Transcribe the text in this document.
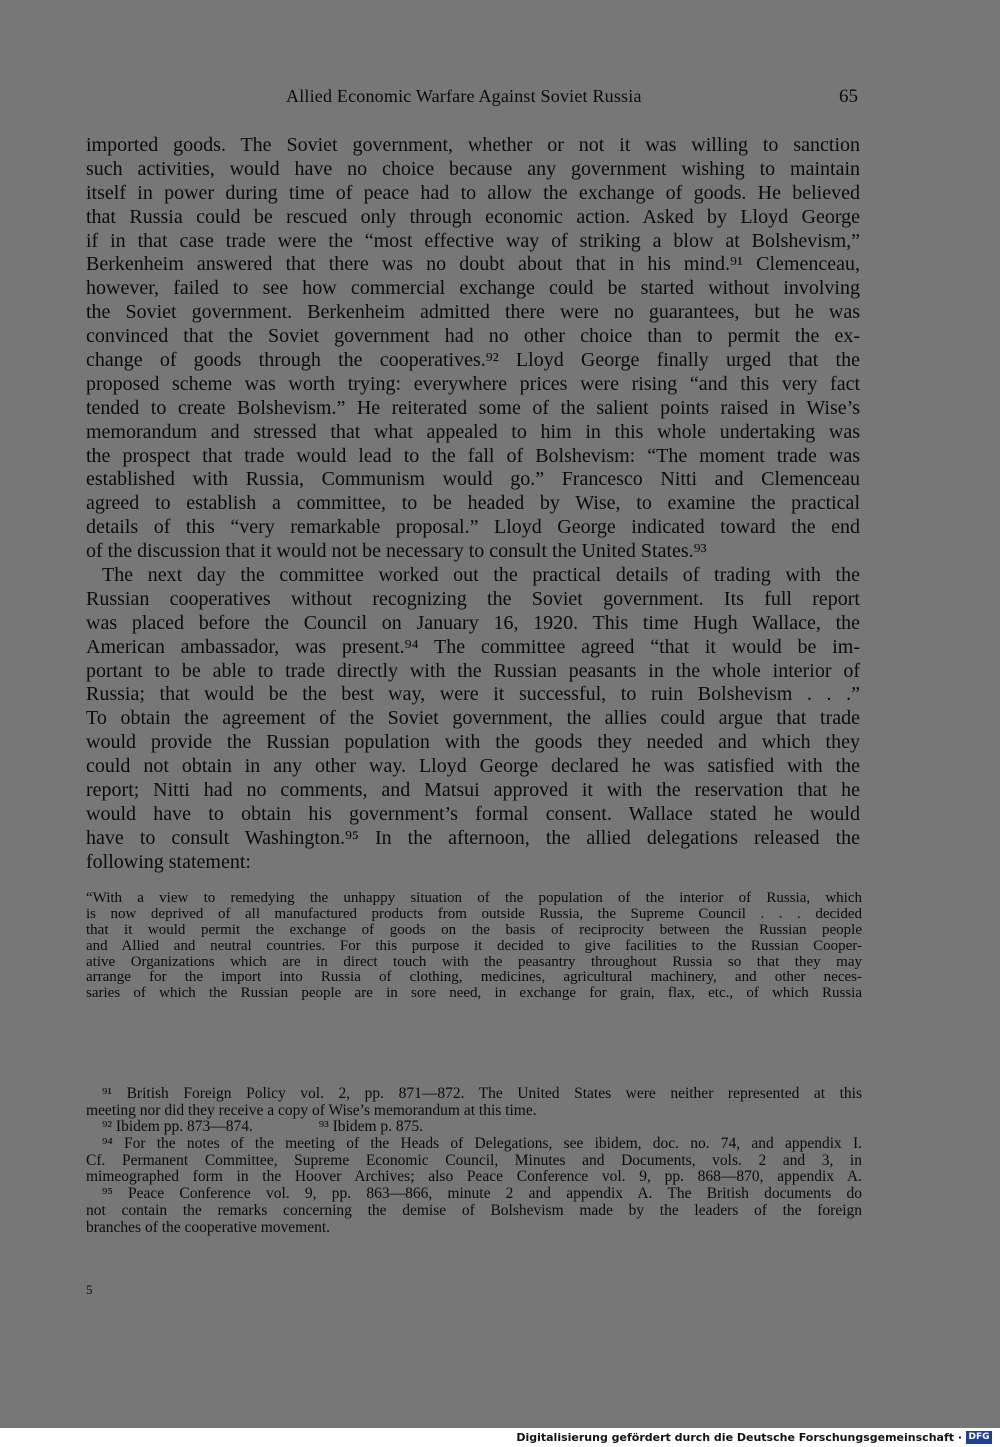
Allied Economic Warfare Against Soviet Russia	65
imported goods. The Soviet government, whether or not it was willing to sanction
such activities, would have no choice because any government wishing to maintain
itself in power during time of peace had to allow the exchange of goods. He believed
that Russia could be rescued only through economic action. Asked by Lloyd George
if in that case trade were the “most effective way of striking a blow at Bolshevism,”
Berkenheim answered that there was no doubt about that in his mind.⁹¹ Clemenceau,
however, failed to see how commercial exchange could be started without involving
the Soviet government. Berkenheim admitted there were no guarantees, but he was
convinced that the Soviet government had no other choice than to permit the ex-
change of goods through the cooperatives.⁹² Lloyd George finally urged that the
proposed scheme was worth trying: everywhere prices were rising “and this very fact
tended to create Bolshevism.” He reiterated some of the salient points raised in Wise’s
memorandum and stressed that what appealed to him in this whole undertaking was
the prospect that trade would lead to the fall of Bolshevism: “The moment trade was
established with Russia, Communism would go.” Francesco Nitti and Clemenceau
agreed to establish a committee, to be headed by Wise, to examine the practical
details of this “very remarkable proposal.” Lloyd George indicated toward the end
of the discussion that it would not be necessary to consult the United States.⁹³
The next day the committee worked out the practical details of trading with the
Russian cooperatives without recognizing the Soviet government. Its full report
was placed before the Council on January 16, 1920. This time Hugh Wallace, the
American ambassador, was present.⁹⁴ The committee agreed “that it would be im-
portant to be able to trade directly with the Russian peasants in the whole interior of
Russia; that would be the best way, were it successful, to ruin Bolshevism . . .”
To obtain the agreement of the Soviet government, the allies could argue that trade
would provide the Russian population with the goods they needed and which they
could not obtain in any other way. Lloyd George declared he was satisfied with the
report; Nitti had no comments, and Matsui approved it with the reservation that he
would have to obtain his government’s formal consent. Wallace stated he would
have to consult Washington.⁹⁵ In the afternoon, the allied delegations released the
following statement:
“With a view to remedying the unhappy situation of the population of the interior of Russia, which
is now deprived of all manufactured products from outside Russia, the Supreme Council . . . decided
that it would permit the exchange of goods on the basis of reciprocity between the Russian people
and Allied and neutral countries. For this purpose it decided to give facilities to the Russian Cooper-
ative Organizations which are in direct touch with the peasantry throughout Russia so that they may
arrange for the import into Russia of clothing, medicines, agricultural machinery, and other neces-
saries of which the Russian people are in sore need, in exchange for grain, flax, etc., of which Russia
⁹¹ British Foreign Policy vol. 2, pp. 871—872. The United States were neither represented at this
meeting nor did they receive a copy of Wise’s memorandum at this time.
⁹² Ibidem pp. 873—874.                 ⁹³ Ibidem p. 875.
⁹⁴ For the notes of the meeting of the Heads of Delegations, see ibidem, doc. no. 74, and appendix I.
Cf. Permanent Committee, Supreme Economic Council, Minutes and Documents, vols. 2 and 3, in
mimeographed form in the Hoover Archives; also Peace Conference vol. 9, pp. 868—870, appendix A.
⁹⁵ Peace Conference vol. 9, pp. 863—866, minute 2 and appendix A. The British documents do
not contain the remarks concerning the demise of Bolshevism made by the leaders of the foreign
branches of the cooperative movement.
5
Digitalisierung gefördert durch die Deutsche Forschungsgemeinschaft · DFG
